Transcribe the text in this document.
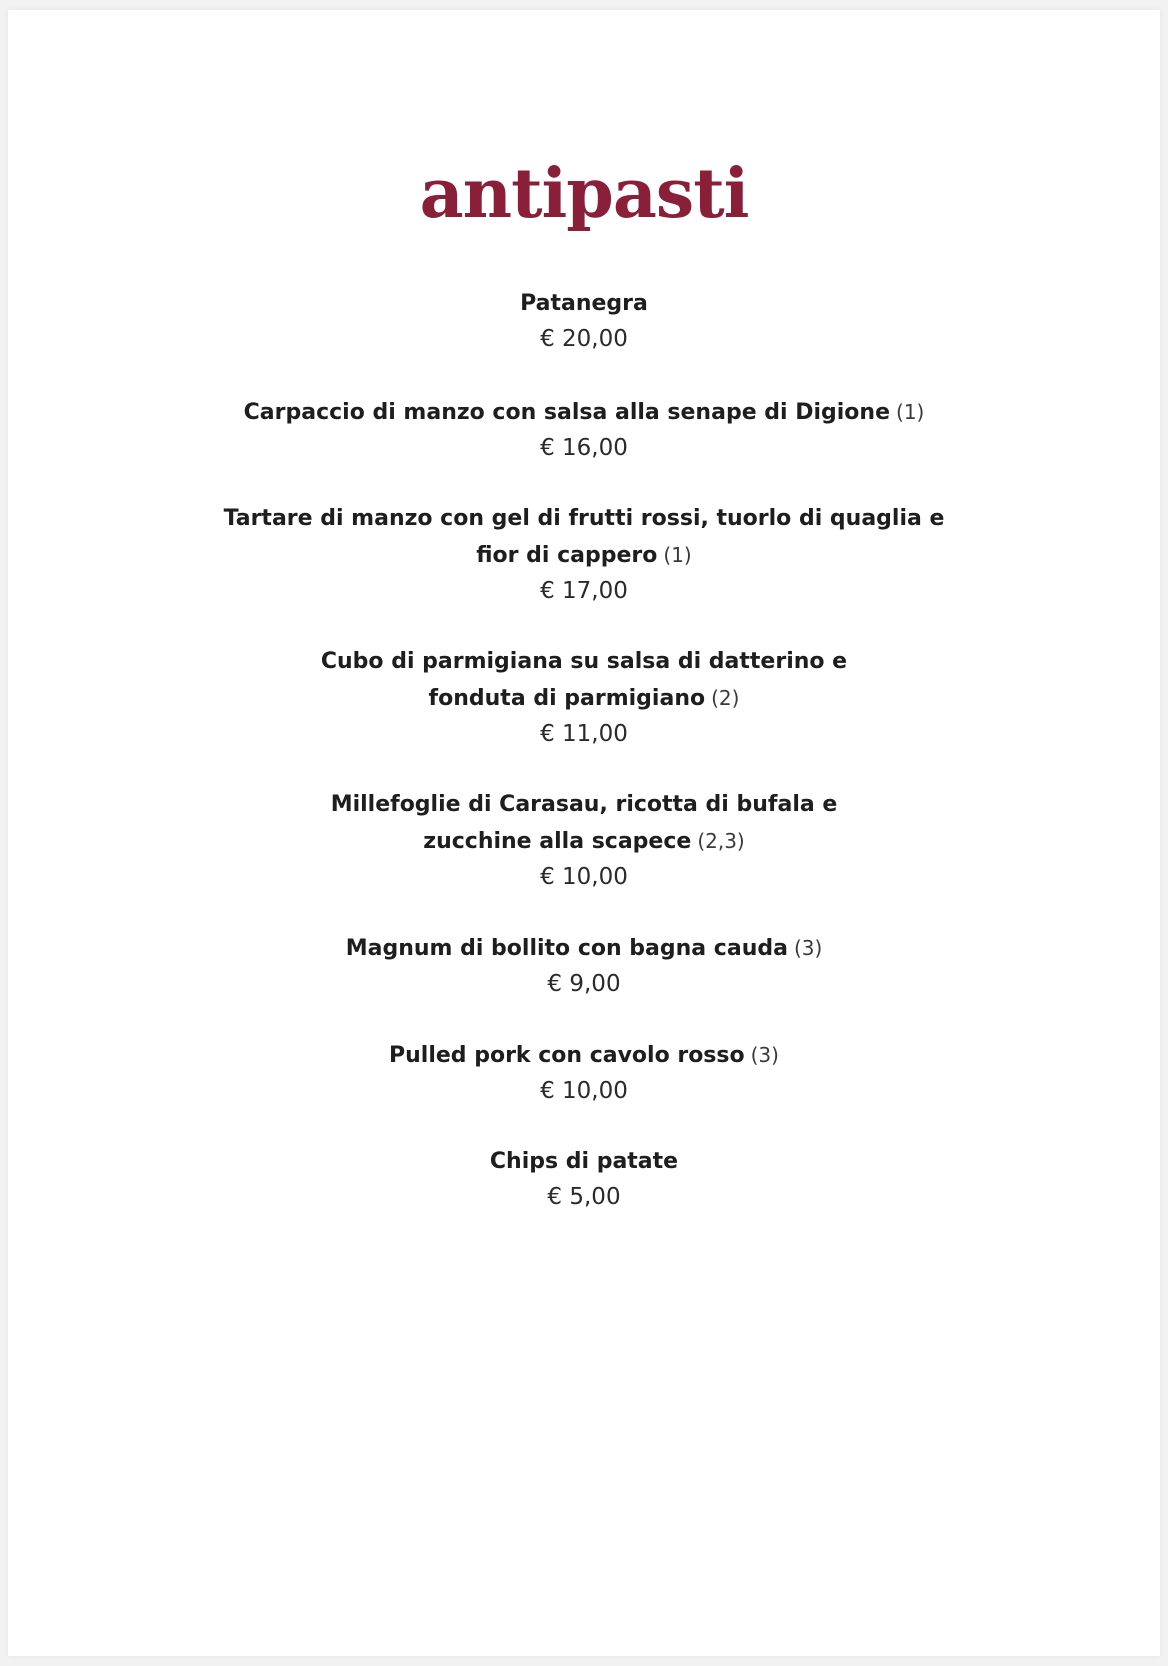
antipasti

Patanegra

€ 20,00

Carpaccio di manzo con salsa alla senape di Digione (1)

€ 16,00

Tartare di manzo con gel di frutti rossi, tuorlo di quaglia e

fior di cappero (1)

€ 17,00

Cubo di parmigiana su salsa di datterino e

fonduta di parmigiano (2)

€ 11,00

Millefoglie di Carasau, ricotta di bufala e

zucchine alla scapece (2,3)

€ 10,00

Magnum di bollito con bagna cauda (3)

€ 9,00

Pulled pork con cavolo rosso (3)

€ 10,00

Chips di patate

€ 5,00
